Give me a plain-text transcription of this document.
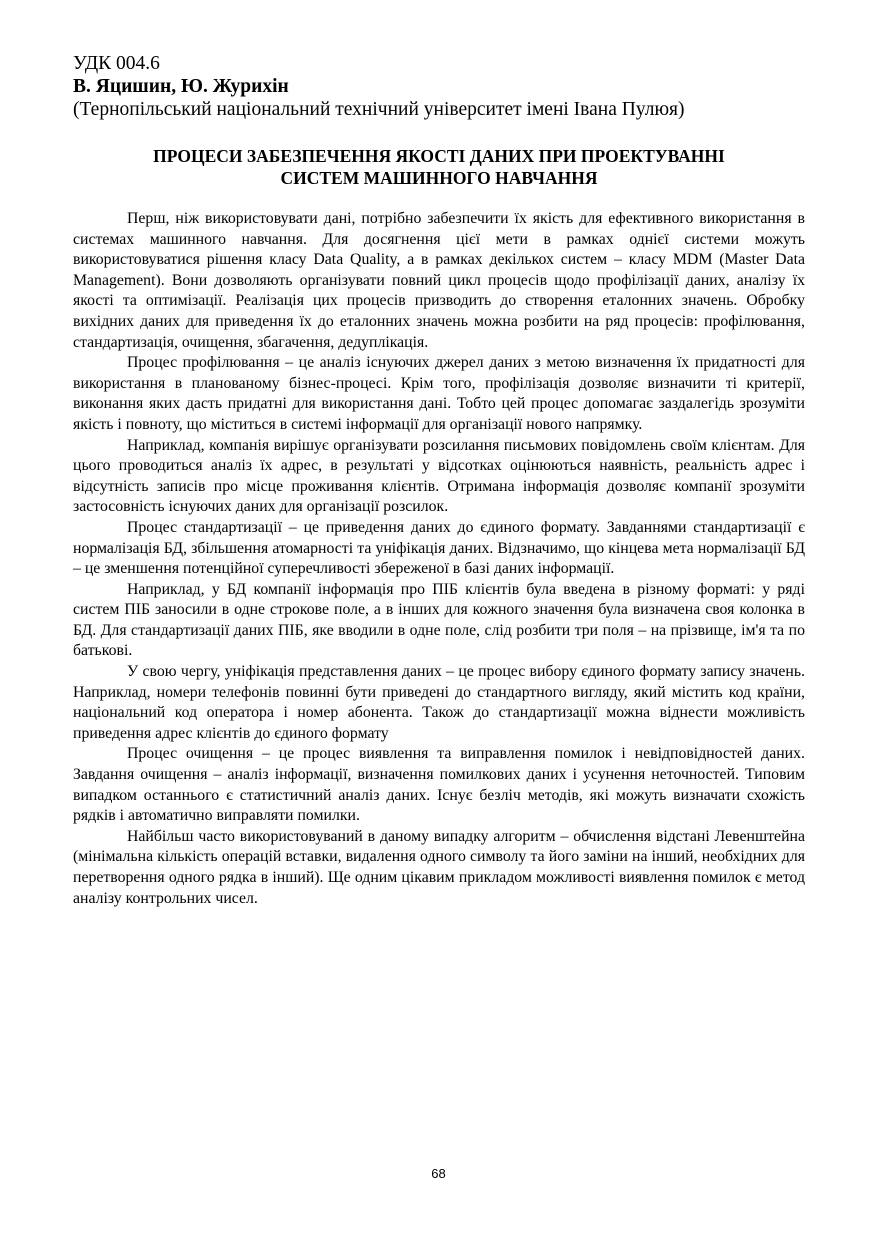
УДК 004.6

В. Яцишин, Ю. Журихін

(Тернопільський національний технічний університет імені Івана Пулюя)

ПРОЦЕСИ ЗАБЕЗПЕЧЕННЯ ЯКОСТІ ДАНИХ ПРИ ПРОЕКТУВАННІ
СИСТЕМ МАШИННОГО НАВЧАННЯ

Перш, ніж використовувати дані, потрібно забезпечити їх якість для ефективного використання в системах машинного навчання. Для досягнення цієї мети в рамках однієї системи можуть використовуватися рішення класу Data Quality, а в рамках декількох систем – класу MDM (Master Data Management). Вони дозволяють організувати повний цикл процесів щодо профілізації даних, аналізу їх якості та оптимізації. Реалізація цих процесів призводить до створення еталонних значень. Обробку вихідних даних для приведення їх до еталонних значень можна розбити на ряд процесів: профілювання, стандартизація, очищення, збагачення, дедуплікація.

Процес профілювання – це аналіз існуючих джерел даних з метою визначення їх придатності для використання в планованому бізнес-процесі. Крім того, профілізація дозволяє визначити ті критерії, виконання яких дасть придатні для використання дані. Тобто цей процес допомагає заздалегідь зрозуміти якість і повноту, що міститься в системі інформації для організації нового напрямку.

Наприклад, компанія вирішує організувати розсилання письмових повідомлень своїм клієнтам. Для цього проводиться аналіз їх адрес, в результаті у відсотках оцінюються наявність, реальність адрес і відсутність записів про місце проживання клієнтів. Отримана інформація дозволяє компанії зрозуміти застосовність існуючих даних для організації розсилок.

Процес стандартизації – це приведення даних до єдиного формату. Завданнями стандартизації є нормалізація БД, збільшення атомарності та уніфікація даних. Відзначимо, що кінцева мета нормалізації БД – це зменшення потенційної суперечливості збереженої в базі даних інформації.

Наприклад, у БД компанії інформація про ПІБ клієнтів була введена в різному форматі: у ряді систем ПІБ заносили в одне строкове поле, а в інших для кожного значення була визначена своя колонка в БД. Для стандартизації даних ПІБ, яке вводили в одне поле, слід розбити три поля – на прізвище, ім'я та по батькові.

У свою чергу, уніфікація представлення даних – це процес вибору єдиного формату запису значень. Наприклад, номери телефонів повинні бути приведені до стандартного вигляду, який містить код країни, національний код оператора і номер абонента. Також до стандартизації можна віднести можливість приведення адрес клієнтів до єдиного формату

Процес очищення – це процес виявлення та виправлення помилок і невідповідностей даних. Завдання очищення – аналіз інформації, визначення помилкових даних і усунення неточностей. Типовим випадком останнього є статистичний аналіз даних. Існує безліч методів, які можуть визначати схожість рядків і автоматично виправляти помилки.

Найбільш часто використовуваний в даному випадку алгоритм – обчислення відстані Левенштейна (мінімальна кількість операцій вставки, видалення одного символу та його заміни на інший, необхідних для перетворення одного рядка в інший). Ще одним цікавим прикладом можливості виявлення помилок є метод аналізу контрольних чисел.

68
